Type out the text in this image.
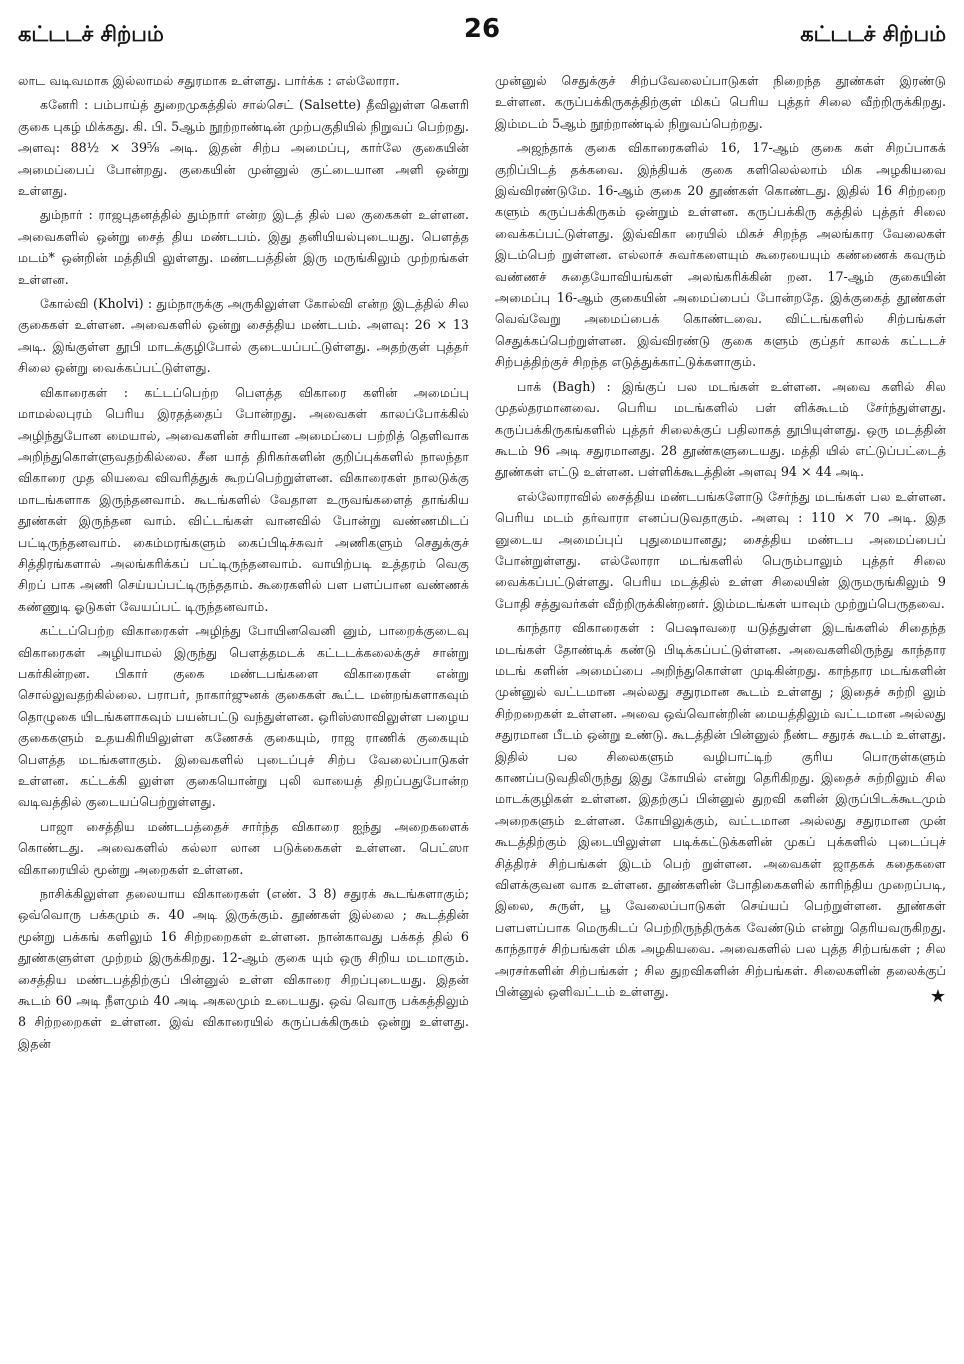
கட்டடச் சிற்பம்	26	கட்டடச் சிற்பம்

லாட வடிவமாக இல்லாமல் சதுரமாக உள்ளது. பார்க்க : எல்லோரா.

கனேரி : பம்பாய்த் துறைமுகத்தில் சால்செட் (Salsette) தீவிலுள்ள கௌரி குகை புகழ் மிக்கது. கி. பி. 5ஆம் நூற்றாண்டின் முற்பகுதியில் நிறுவப் பெற்றது. அளவு: 88½ × 39⅝ அடி. இதன் சிற்ப அமைப்பு, கார்லே குகையின் அமைப்பைப் போன்றது. குகையின் முன்னுல் குட்டையான அளி ஒன்று உள்ளது.

தும்நார் : ராஜபுதனத்தில் தும்நார் என்ற இடத் தில் பல குகைகள் உள்ளன. அவைகளில் ஒன்று சைத் திய மண்டபம். இது தனியியல்புடையது. பௌத்த மடம்* ஒன்றின் மத்தியி லுள்ளது. மண்டபத்தின் இரு மருங்கிலும் முற்றங்கள் உள்ளன.

கோல்வி (Kholvi) : தும்நாருக்கு அருகிலுள்ள கோல்வி என்ற இடத்தில் சில குகைகள் உள்ளன. அவைகளில் ஒன்று சைத்திய மண்டபம். அளவு: 26 × 13 அடி. இங்குள்ள தூபி மாடக்குழிபோல் குடையப்பட்டுள்ளது. அதற்குள் புத்தர் சிலை ஒன்று வைக்கப்பட்டுள்ளது.

விகாரைகள் : கட்டப்பெற்ற பௌத்த விகாரை களின் அமைப்பு மாமல்லபுரம் பெரிய இரதத்தைப் போன்றது. அவைகள் காலப்போக்கில் அழிந்துபோன மையால், அவைகளின் சரியான அமைப்பை பற்றித் தெளிவாக அறிந்துகொள்ளுவதற்கில்லை. சீன யாத் திரிகர்களின் குறிப்புக்களில் நாலந்தா விகாரை முத லியவை விவரித்துக் கூறப்பெற்றுள்ளன. விகாரைகள் நாலடுக்கு மாடங்களாக இருந்தனவாம். கூடங்களில் வேதாள உருவங்களைத் தாங்கிய தூண்கள் இருந்தன வாம். விட்டங்கள் வானவில் போன்று வண்ணமிடப் பட்டிருந்தனவாம். கைம்மரங்களும் கைப்பிடிச்சுவர் அணிகளும் செதுக்குச் சித்திரங்களால் அலங்கரிக்கப் பட்டிருந்தனவாம். வாயிற்படி உத்தரம் வெகு சிறப் பாக அணி செய்யப்பட்டிருந்ததாம். கூரைகளில் பள பளப்பான வண்ணக் கண்ணுடி ஓடுகள் வேயப்பட் டிருந்தனவாம்.

கட்டப்பெற்ற விகாரைகள் அழிந்து போயினவெனி னும், பாறைக்குடைவு விகாரைகள் அழியாமல் இருந்து பௌத்தமடக் கட்டடக்கலைக்குச் சான்று பகர்கின்றன. பிகார் குகை மண்டபங்களை விகாரைகள் என்று சொல்லுவதற்கில்லை. பராபர், நாகார்ஜுனக் குகைகள் கூட்ட மன்றங்களாகவும் தொழுகை யிடங்களாகவும் பயன்பட்டு வந்துள்ளன. ஒரிஸ்ஸாவிலுள்ள பழைய குகைகளும் உதயகிரியிலுள்ள கணேசக் குகையும், ராஜ ராணிக் குகையும் பௌத்த மடங்களாகும். இவைகளில் புடைப்புச் சிற்ப வேலைப்பாடுகள் உள்ளன. கட்டக்கி லுள்ள குகையொன்று புலி வாயைத் திறப்பதுபோன்ற வடிவத்தில் குடையப்பெற்றுள்ளது.

பாஜா சைத்திய மண்டபத்தைச் சார்ந்த விகாரை ஐந்து அறைகளைக் கொண்டது. அவைகளில் கல்லா லான படுக்கைகள் உள்ளன. பெட்ஸா விகாரையில் மூன்று அறைகள் உள்ளன.

நாசிக்கிலுள்ள தலையாய விகாரைகள் (எண். 3 8) சதுரக் கூடங்களாகும்; ஒவ்வொரு பக்கமும் சு. 40 அடி இருக்கும். தூண்கள் இல்லை ; கூடத்தின் மூன்று பக்கங் களிலும் 16 சிற்றறைகள் உள்ளன. நான்காவது பக்கத் தில் 6 தூண்களுள்ள முற்றம் இருக்கிறது. 12-ஆம் குகை யும் ஒரு சிறிய மடமாகும். சைத்திய மண்டபத்திற்குப் பின்னுல் உள்ள விகாரை சிறப்புடையது. இதன் கூடம் 60 அடி நீளமும் 40 அடி அகலமும் உடையது. ஒவ் வொரு பக்கத்திலும் 8 சிற்றறைகள் உள்ளன. இவ் விகாரையில் கருப்பக்கிருகம் ஒன்று உள்ளது. இதன்

முன்னுல் செதுக்குச் சிற்பவேலைப்பாடுகள் நிறைந்த தூண்கள் இரண்டு உள்ளன. கருப்பக்கிருகத்திற்குள் மிகப் பெரிய புத்தர் சிலை வீற்றிருக்கிறது. இம்மடம் 5ஆம் நூற்றாண்டில் நிறுவப்பெற்றது.

அஜந்தாக் குகை விகாரைகளில் 16, 17-ஆம் குகை கள் சிறப்பாகக் குறிப்பிடத் தக்கவை. இந்தியக் குகை களிலெல்லாம் மிக அழகியவை இவ்விரண்டுமே. 16-ஆம் குகை 20 தூண்கள் கொண்டது. இதில் 16 சிற்றறை களும் கருப்பக்கிருகம் ஒன்றும் உள்ளன. கருப்பக்கிரு கத்தில் புத்தர் சிலை வைக்கப்பட்டுள்ளது. இவ்விகா ரையில் மிகச் சிறந்த அலங்கார வேலைகள் இடம்பெற் றுள்ளன. எல்லாச் சுவர்களையும் கூரையையும் கண்ணைக் கவரும் வண்ணச் சுதையோவியங்கள் அலங்கரிக்கின் றன. 17-ஆம் குகையின் அமைப்பு 16-ஆம் குகையின் அமைப்பைப் போன்றதே. இக்குகைத் தூண்கள் வெவ்வேறு அமைப்பைக் கொண்டவை. விட்டங்களில் சிற்பங்கள் செதுக்கப்பெற்றுள்ளன. இவ்விரண்டு குகை களும் குப்தர் காலக் கட்டடச் சிற்பத்திற்குச் சிறந்த எடுத்துக்காட்டுக்களாகும்.

பாக் (Bagh) : இங்குப் பல மடங்கள் உள்ளன. அவை களில் சில முதல்தரமானவை. பெரிய மடங்களில் பள் ளிக்கூடம் சேர்ந்துள்ளது. கருப்பக்கிருகங்களில் புத்தர் சிலைக்குப் பதிலாகத் தூபியுள்ளது. ஒரு மடத்தின் கூடம் 96 அடி சதுரமானது. 28 தூண்களுடையது. மத்தி யில் எட்டுப்பட்டைத் தூண்கள் எட்டு உள்ளன. பள்ளிக்கூடத்தின் அளவு 94 × 44 அடி.

எல்லோராவில் சைத்திய மண்டபங்களோடு சேர்ந்து மடங்கள் பல உள்ளன. பெரிய மடம் தர்வாரா எனப்படுவதாகும். அளவு : 110 × 70 அடி. இத னுடைய அமைப்புப் புதுமையானது; சைத்திய மண்டப அமைப்பைப் போன்றுள்ளது. எல்லோரா மடங்களில் பெரும்பாலும் புத்தர் சிலை வைக்கப்பட்டுள்ளது. பெரிய மடத்தில் உள்ள சிலையின் இருமருங்கிலும் 9 போதி சத்துவர்கள் வீற்றிருக்கின்றனர். இம்மடங்கள் யாவும் முற்றுப்பெருதவை.

காந்தார விகாரைகள் : பெஷாவரை யடுத்துள்ள இடங்களில் சிதைந்த மடங்கள் தோண்டிக் கண்டு பிடிக்கப்பட்டுள்ளன. அவைகளிலிருந்து காந்தார மடங் களின் அமைப்பை அறிந்துகொள்ள முடிகின்றது. காந்தார மடங்களின் முன்னுல் வட்டமான அல்லது சதுரமான கூடம் உள்ளது ; இதைச் சுற்றி லும் சிற்றறைகள் உள்ளன. அவை ஒவ்வொன்றின் மையத்திலும் வட்டமான அல்லது சதுரமான பீடம் ஒன்று உண்டு. கூடத்தின் பின்னுல் நீண்ட சதுரக் கூடம் உள்ளது. இதில் பல சிலைகளும் வழிபாட்டிற் குரிய பொருள்களும் காணப்படுவதிலிருந்து இது கோயில் என்று தெரிகிறது. இதைச் சுற்றிலும் சில மாடக்குழிகள் உள்ளன. இதற்குப் பின்னுல் துறவி களின் இருப்பிடக்கூடமும் அறைகளும் உள்ளன. கோயிலுக்கும், வட்டமான அல்லது சதுரமான முன் கூடத்திற்கும் இடையிலுள்ள படிக்கட்டுக்களின் முகப் புக்களில் புடைப்புச் சித்திரச் சிற்பங்கள் இடம் பெற் றுள்ளன. அவைகள் ஜாதகக் கதைகளை விளக்குவன வாக உள்ளன. தூண்களின் போதிகைகளில் காரிந்திய முறைப்படி, இலை, சுருள், பூ வேலைப்பாடுகள் செய்யப் பெற்றுள்ளன. தூண்கள் பளபளப்பாக மெருகிடப் பெற்றிருந்திருக்க வேண்டும் என்று தெரியவருகிறது. காந்தாரச் சிற்பங்கள் மிக அழகியவை. அவைகளில் பல புத்த சிற்பங்கள் ; சில அரசர்களின் சிற்பங்கள் ; சில துறவிகளின் சிற்பங்கள். சிலைகளின் தலைக்குப் பின்னுல் ஒளிவட்டம் உள்ளது.	★
